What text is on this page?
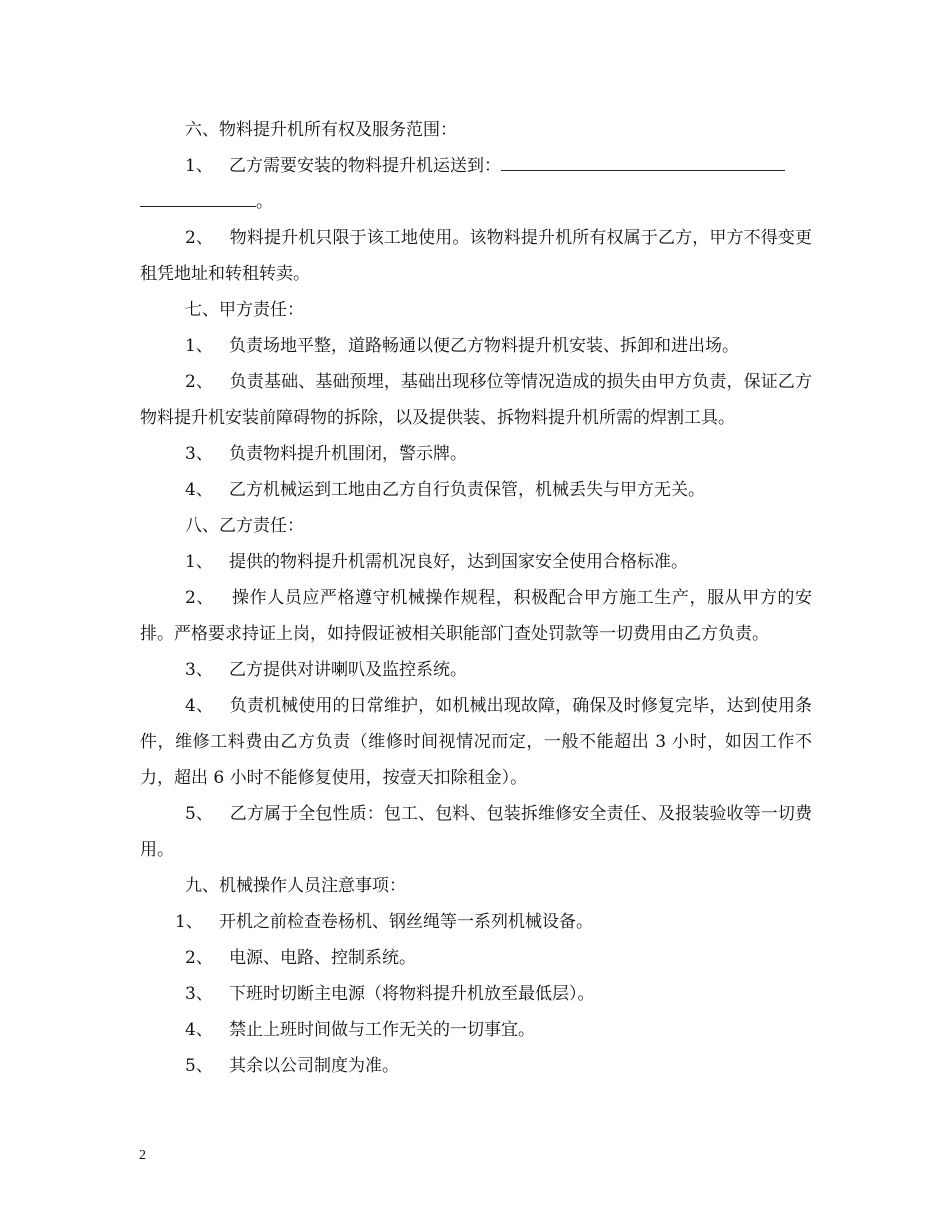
六、物料提升机所有权及服务范围：

1、 乙方需要安装的物料提升机运送到：

。

2、 物料提升机只限于该工地使用。该物料提升机所有权属于乙方，甲方不得变更租凭地址和转租转卖。

七、甲方责任：

1、 负责场地平整，道路畅通以便乙方物料提升机安装、拆卸和进出场。

2、 负责基础、基础预埋，基础出现移位等情况造成的损失由甲方负责，保证乙方物料提升机安装前障碍物的拆除，以及提供装、拆物料提升机所需的焊割工具。

3、 负责物料提升机围闭，警示牌。

4、 乙方机械运到工地由乙方自行负责保管，机械丢失与甲方无关。

八、乙方责任：

1、 提供的物料提升机需机况良好，达到国家安全使用合格标准。

2、 操作人员应严格遵守机械操作规程，积极配合甲方施工生产，服从甲方的安排。严格要求持证上岗，如持假证被相关职能部门查处罚款等一切费用由乙方负责。

3、 乙方提供对讲喇叭及监控系统。

4、 负责机械使用的日常维护，如机械出现故障，确保及时修复完毕，达到使用条件，维修工料费由乙方负责（维修时间视情况而定，一般不能超出 3 小时，如因工作不力，超出 6 小时不能修复使用，按壹天扣除租金）。

5、 乙方属于全包性质：包工、包料、包装拆维修安全责任、及报装验收等一切费用。

九、机械操作人员注意事项：

1、 开机之前检查卷杨机、钢丝绳等一系列机械设备。

2、 电源、电路、控制系统。

3、 下班时切断主电源（将物料提升机放至最低层）。

4、 禁止上班时间做与工作无关的一切事宜。

5、 其余以公司制度为准。

2
